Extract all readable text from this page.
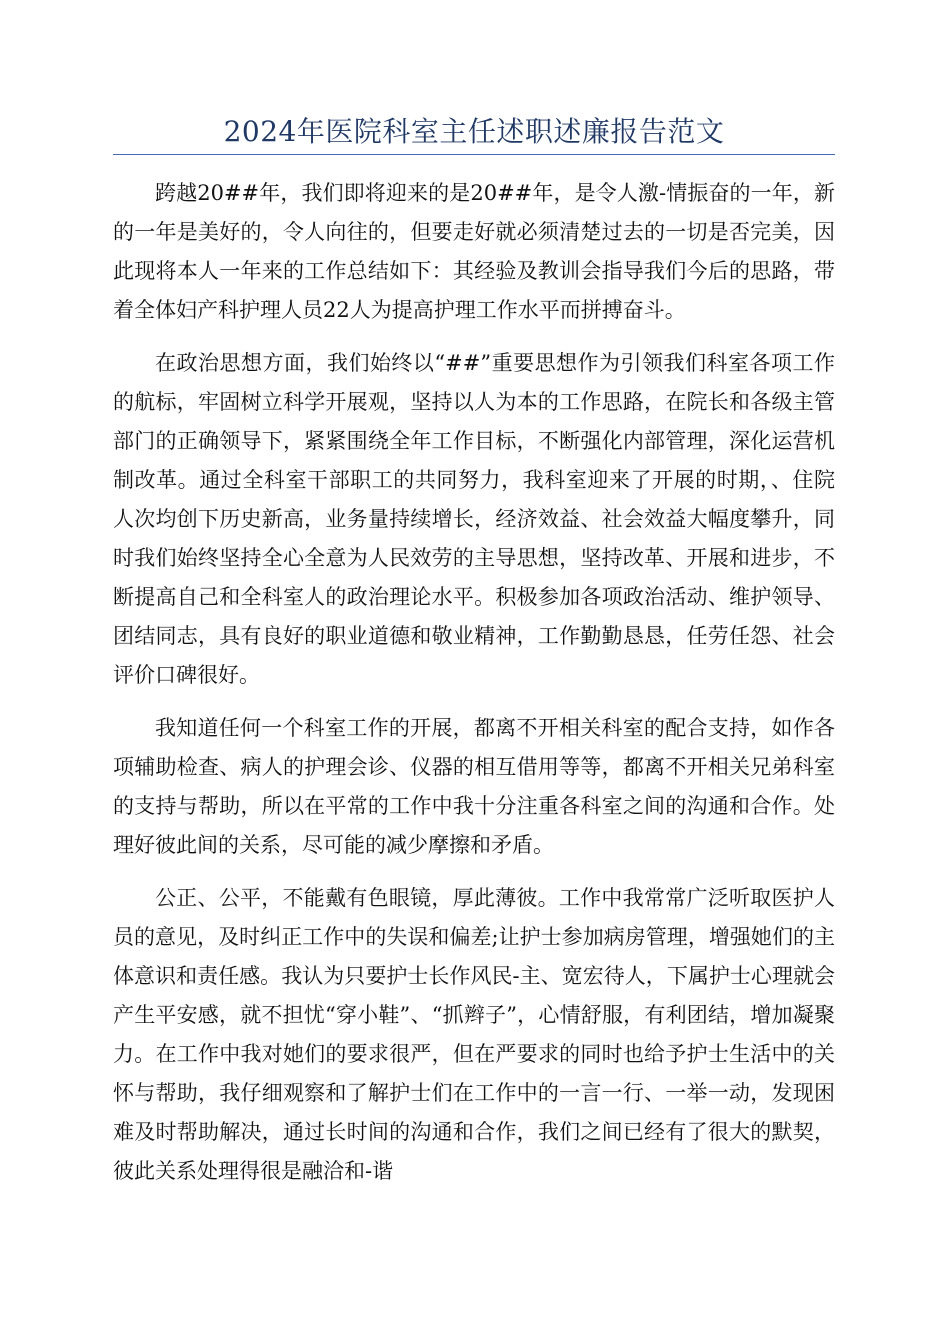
2024年医院科室主任述职述廉报告范文

跨越20##年，我们即将迎来的是20##年，是令人激-情振奋的一年，新的一年是美好的，令人向往的，但要走好就必须清楚过去的一切是否完美，因此现将本人一年来的工作总结如下：其经验及教训会指导我们今后的思路，带着全体妇产科护理人员22人为提高护理工作水平而拼搏奋斗。

在政治思想方面，我们始终以“##”重要思想作为引领我们科室各项工作的航标，牢固树立科学开展观，坚持以人为本的工作思路，在院长和各级主管部门的正确领导下，紧紧围绕全年工作目标，不断强化内部管理，深化运营机制改革。通过全科室干部职工的共同努力，我科室迎来了开展的时期，、住院人次均创下历史新高，业务量持续增长，经济效益、社会效益大幅度攀升，同时我们始终坚持全心全意为人民效劳的主导思想，坚持改革、开展和进步，不断提高自己和全科室人的政治理论水平。积极参加各项政治活动、维护领导、团结同志，具有良好的职业道德和敬业精神，工作勤勤恳恳，任劳任怨、社会评价口碑很好。

我知道任何一个科室工作的开展，都离不开相关科室的配合支持，如作各项辅助检查、病人的护理会诊、仪器的相互借用等等，都离不开相关兄弟科室的支持与帮助，所以在平常的工作中我十分注重各科室之间的沟通和合作。处理好彼此间的关系，尽可能的减少摩擦和矛盾。

公正、公平，不能戴有色眼镜，厚此薄彼。工作中我常常广泛听取医护人员的意见，及时纠正工作中的失误和偏差;让护士参加病房管理，增强她们的主体意识和责任感。我认为只要护士长作风民-主、宽宏待人，下属护士心理就会产生平安感，就不担忧“穿小鞋”、“抓辫子”，心情舒服，有利团结，增加凝聚力。在工作中我对她们的要求很严，但在严要求的同时也给予护士生活中的关怀与帮助，我仔细观察和了解护士们在工作中的一言一行、一举一动，发现困难及时帮助解决，通过长时间的沟通和合作，我们之间已经有了很大的默契，彼此关系处理得很是融洽和-谐
